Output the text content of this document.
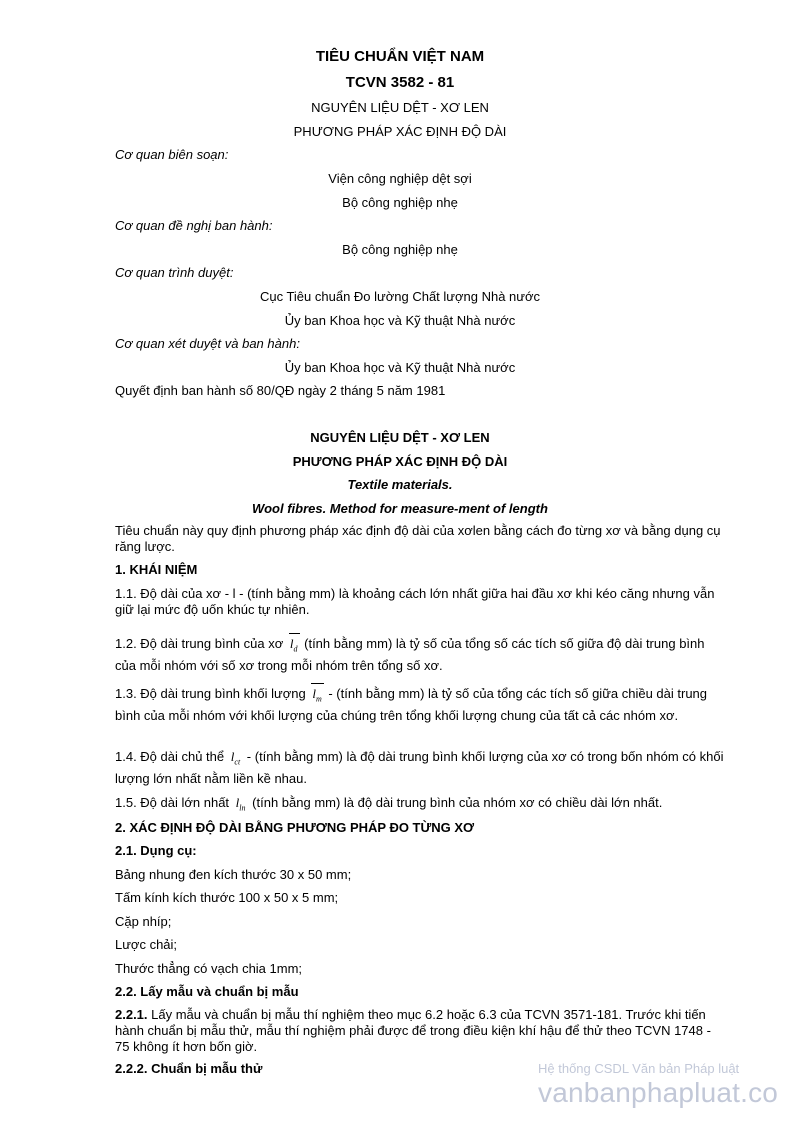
TIÊU CHUẨN VIỆT NAM
TCVN 3582 - 81
NGUYÊN LIỆU DỆT - XƠ LEN
PHƯƠNG PHÁP XÁC ĐỊNH ĐỘ DÀI
Cơ quan biên soạn:
Viện công nghiệp dệt sợi
Bộ công nghiệp nhẹ
Cơ quan đề nghị ban hành:
Bộ công nghiệp nhẹ
Cơ quan trình duyệt:
Cục Tiêu chuẩn Đo lường Chất lượng Nhà nước
Ủy ban Khoa học và Kỹ thuật Nhà nước
Cơ quan xét duyệt và ban hành:
Ủy ban Khoa học và Kỹ thuật Nhà nước
Quyết định ban hành số 80/QĐ ngày 2 tháng 5 năm 1981
NGUYÊN LIỆU DỆT - XƠ LEN
PHƯƠNG PHÁP XÁC ĐỊNH ĐỘ DÀI
Textile materials.
Wool fibres. Method for measure-ment of length
Tiêu chuẩn này quy định phương pháp xác định độ dài của xơlen bằng cách đo từng xơ và bằng dụng cụ răng lược.
1. KHÁI NIỆM
1.1. Độ dài của xơ - l - (tính bằng mm) là khoảng cách lớn nhất giữa hai đầu xơ khi kéo căng nhưng vẫn giữ lại mức độ uốn khúc tự nhiên.
1.2. Độ dài trung bình của xơ $l_d$ (tính bằng mm) là tỷ số của tổng số các tích số giữa độ dài trung bình của mỗi nhóm với số xơ trong mỗi nhóm trên tổng số xơ.
1.3. Độ dài trung bình khối lượng $l_m$ - (tính bằng mm) là tỷ số của tổng các tích số giữa chiều dài trung bình của mỗi nhóm với khối lượng của chúng trên tổng khối lượng chung của tất cả các nhóm xơ.
1.4. Độ dài chủ thể $l_{ct}$ - (tính bằng mm) là độ dài trung bình khối lượng của xơ có trong bốn nhóm có khối lượng lớn nhất nằm liền kề nhau.
1.5. Độ dài lớn nhất $l_{ln}$ (tính bằng mm) là độ dài trung bình của nhóm xơ có chiều dài lớn nhất.
2. XÁC ĐỊNH ĐỘ DÀI BẰNG PHƯƠNG PHÁP ĐO TỪNG XƠ
2.1. Dụng cụ:
Bảng nhung đen kích thước 30 x 50 mm;
Tấm kính kích thước 100 x 50 x 5 mm;
Cặp nhíp;
Lược chải;
Thước thẳng có vạch chia 1mm;
2.2. Lấy mẫu và chuẩn bị mẫu
2.2.1. Lấy mẫu và chuẩn bị mẫu thí nghiệm theo mục 6.2 hoặc 6.3 của TCVN 3571-181. Trước khi tiến hành chuẩn bị mẫu thử, mẫu thí nghiệm phải được để trong điều kiện khí hậu để thử theo TCVN 1748 - 75 không ít hơn bốn giờ.
2.2.2. Chuẩn bị mẫu thử	Hệ thống CSDL Văn bản Pháp luật
vanbanphapluat.co
